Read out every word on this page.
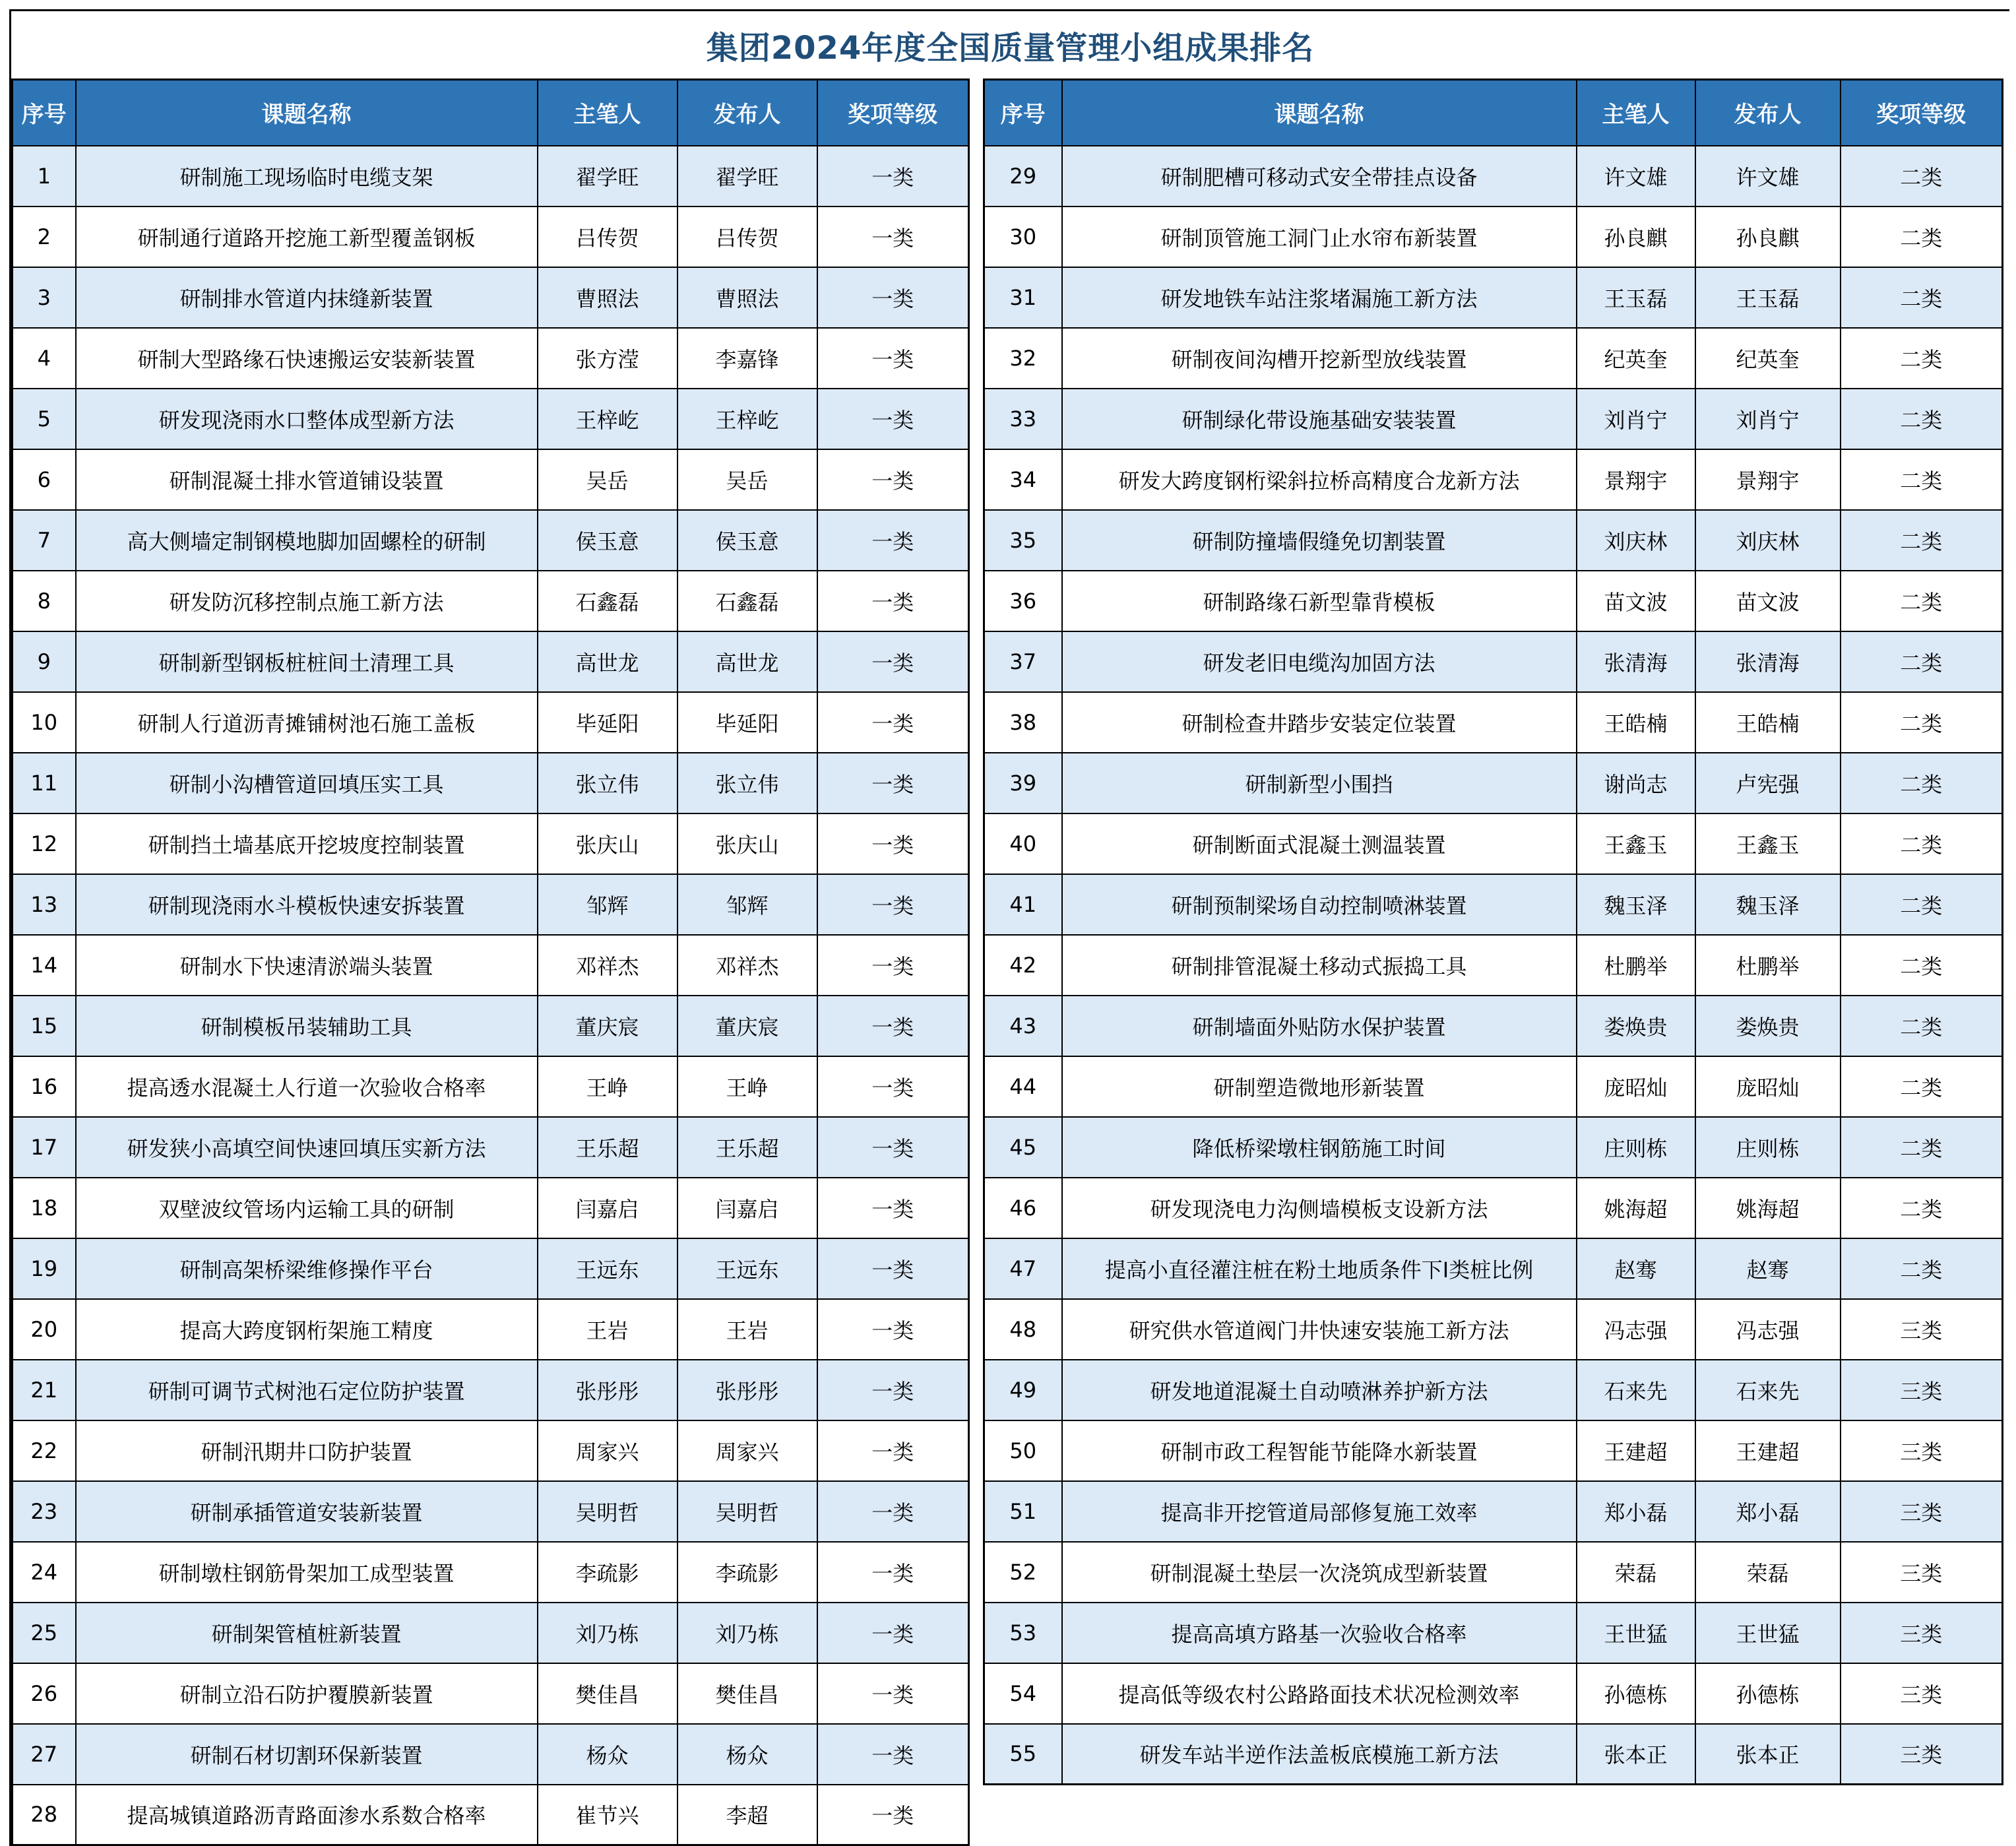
集团2024年度全国质量管理小组成果排名
序号	课题名称	主笔人	发布人	奖项等级
1	研制施工现场临时电缆支架	翟学旺	翟学旺	一类
2	研制通行道路开挖施工新型覆盖钢板	吕传贺	吕传贺	一类
3	研制排水管道内抹缝新装置	曹照法	曹照法	一类
4	研制大型路缘石快速搬运安装新装置	张方滢	李嘉锋	一类
5	研发现浇雨水口整体成型新方法	王梓屹	王梓屹	一类
6	研制混凝土排水管道铺设装置	吴岳	吴岳	一类
7	高大侧墙定制钢模地脚加固螺栓的研制	侯玉意	侯玉意	一类
8	研发防沉移控制点施工新方法	石鑫磊	石鑫磊	一类
9	研制新型钢板桩桩间土清理工具	高世龙	高世龙	一类
10	研制人行道沥青摊铺树池石施工盖板	毕延阳	毕延阳	一类
11	研制小沟槽管道回填压实工具	张立伟	张立伟	一类
12	研制挡土墙基底开挖坡度控制装置	张庆山	张庆山	一类
13	研制现浇雨水斗模板快速安拆装置	邹辉	邹辉	一类
14	研制水下快速清淤端头装置	邓祥杰	邓祥杰	一类
15	研制模板吊装辅助工具	董庆宸	董庆宸	一类
16	提高透水混凝土人行道一次验收合格率	王峥	王峥	一类
17	研发狭小高填空间快速回填压实新方法	王乐超	王乐超	一类
18	双壁波纹管场内运输工具的研制	闫嘉启	闫嘉启	一类
19	研制高架桥梁维修操作平台	王远东	王远东	一类
20	提高大跨度钢桁架施工精度	王岩	王岩	一类
21	研制可调节式树池石定位防护装置	张彤彤	张彤彤	一类
22	研制汛期井口防护装置	周家兴	周家兴	一类
23	研制承插管道安装新装置	吴明哲	吴明哲	一类
24	研制墩柱钢筋骨架加工成型装置	李疏影	李疏影	一类
25	研制架管植桩新装置	刘乃栋	刘乃栋	一类
26	研制立沿石防护覆膜新装置	樊佳昌	樊佳昌	一类
27	研制石材切割环保新装置	杨众	杨众	一类
28	提高城镇道路沥青路面渗水系数合格率	崔节兴	李超	一类
序号	课题名称	主笔人	发布人	奖项等级
29	研制肥槽可移动式安全带挂点设备	许文雄	许文雄	二类
30	研制顶管施工洞门止水帘布新装置	孙良麒	孙良麒	二类
31	研发地铁车站注浆堵漏施工新方法	王玉磊	王玉磊	二类
32	研制夜间沟槽开挖新型放线装置	纪英奎	纪英奎	二类
33	研制绿化带设施基础安装装置	刘肖宁	刘肖宁	二类
34	研发大跨度钢桁梁斜拉桥高精度合龙新方法	景翔宇	景翔宇	二类
35	研制防撞墙假缝免切割装置	刘庆林	刘庆林	二类
36	研制路缘石新型靠背模板	苗文波	苗文波	二类
37	研发老旧电缆沟加固方法	张清海	张清海	二类
38	研制检查井踏步安装定位装置	王皓楠	王皓楠	二类
39	研制新型小围挡	谢尚志	卢宪强	二类
40	研制断面式混凝土测温装置	王鑫玉	王鑫玉	二类
41	研制预制梁场自动控制喷淋装置	魏玉泽	魏玉泽	二类
42	研制排管混凝土移动式振捣工具	杜鹏举	杜鹏举	二类
43	研制墙面外贴防水保护装置	娄焕贵	娄焕贵	二类
44	研制塑造微地形新装置	庞昭灿	庞昭灿	二类
45	降低桥梁墩柱钢筋施工时间	庄则栋	庄则栋	二类
46	研发现浇电力沟侧墙模板支设新方法	姚海超	姚海超	二类
47	提高小直径灌注桩在粉土地质条件下Ⅰ类桩比例	赵骞	赵骞	二类
48	研究供水管道阀门井快速安装施工新方法	冯志强	冯志强	三类
49	研发地道混凝土自动喷淋养护新方法	石来先	石来先	三类
50	研制市政工程智能节能降水新装置	王建超	王建超	三类
51	提高非开挖管道局部修复施工效率	郑小磊	郑小磊	三类
52	研制混凝土垫层一次浇筑成型新装置	荣磊	荣磊	三类
53	提高高填方路基一次验收合格率	王世猛	王世猛	三类
54	提高低等级农村公路路面技术状况检测效率	孙德栋	孙德栋	三类
55	研发车站半逆作法盖板底模施工新方法	张本正	张本正	三类
